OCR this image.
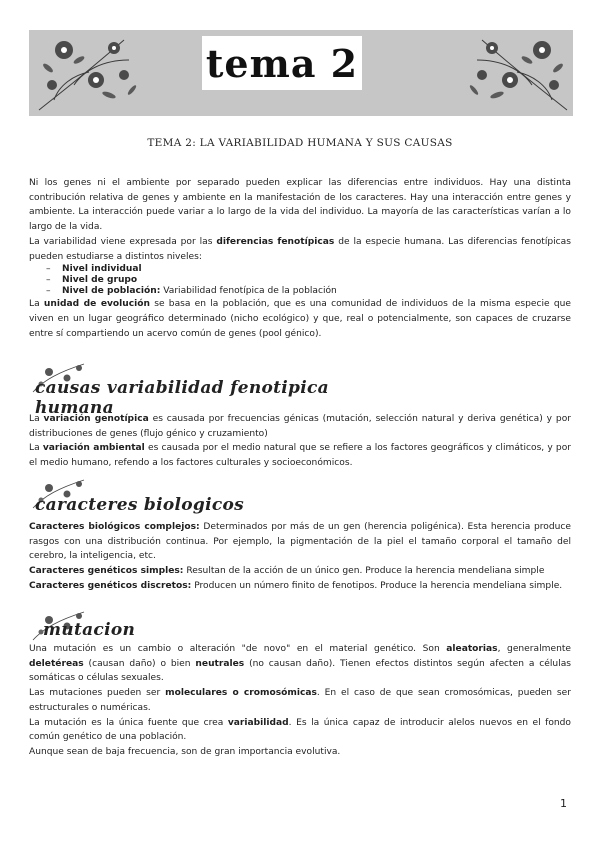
tema 2
TEMA 2: LA VARIABILIDAD HUMANA Y SUS CAUSAS

Ni los genes ni el ambiente por separado pueden explicar las diferencias entre individuos. Hay una distinta contribución relativa de genes y ambiente en la manifestación de los caracteres. Hay una interacción entre genes y ambiente. La interacción puede variar a lo largo de la vida del individuo. La mayoría de las características varían a lo largo de la vida.

La variabilidad viene expresada por las diferencias fenotípicas de la especie humana. Las diferencias fenotípicas pueden estudiarse a distintos niveles:

– Nivel individual
– Nivel de grupo
– Nivel de población: Variabilidad fenotípica de la población

La unidad de evolución se basa en la población, que es una comunidad de individuos de la misma especie que viven en un lugar geográfico determinado (nicho ecológico) y que, real o potencialmente, son capaces de cruzarse entre sí compartiendo un acervo común de genes (pool génico).

causas variabilidad fenotipica humana

La variación genotípica es causada por frecuencias génicas (mutación, selección natural y deriva genética) y por distribuciones de genes (flujo génico y cruzamiento)

La variación ambiental es causada por el medio natural que se refiere a los factores geográficos y climáticos, y por el medio humano, refendo a los factores culturales y socioeconómicos.

caracteres biologicos

Caracteres biológicos complejos: Determinados por más de un gen (herencia poligénica). Esta herencia produce rasgos con una distribución continua. Por ejemplo, la pigmentación de la piel el tamaño corporal el tamaño del cerebro, la inteligencia, etc.

Caracteres genéticos simples: Resultan de la acción de un único gen. Produce la herencia mendeliana simple

Caracteres genéticos discretos: Producen un número finito de fenotipos. Produce la herencia mendeliana simple.

mutacion

Una mutación es un cambio o alteración "de novo" en el material genético. Son aleatorias, generalmente deletéreas (causan daño) o bien neutrales (no causan daño). Tienen efectos distintos según afecten a células somáticas o células sexuales.

Las mutaciones pueden ser moleculares o cromosómicas. En el caso de que sean cromosómicas, pueden ser estructurales o numéricas.

La mutación es la única fuente que crea variabilidad. Es la única capaz de introducir alelos nuevos en el fondo común genético de una población.

Aunque sean de baja frecuencia, son de gran importancia evolutiva.

1
